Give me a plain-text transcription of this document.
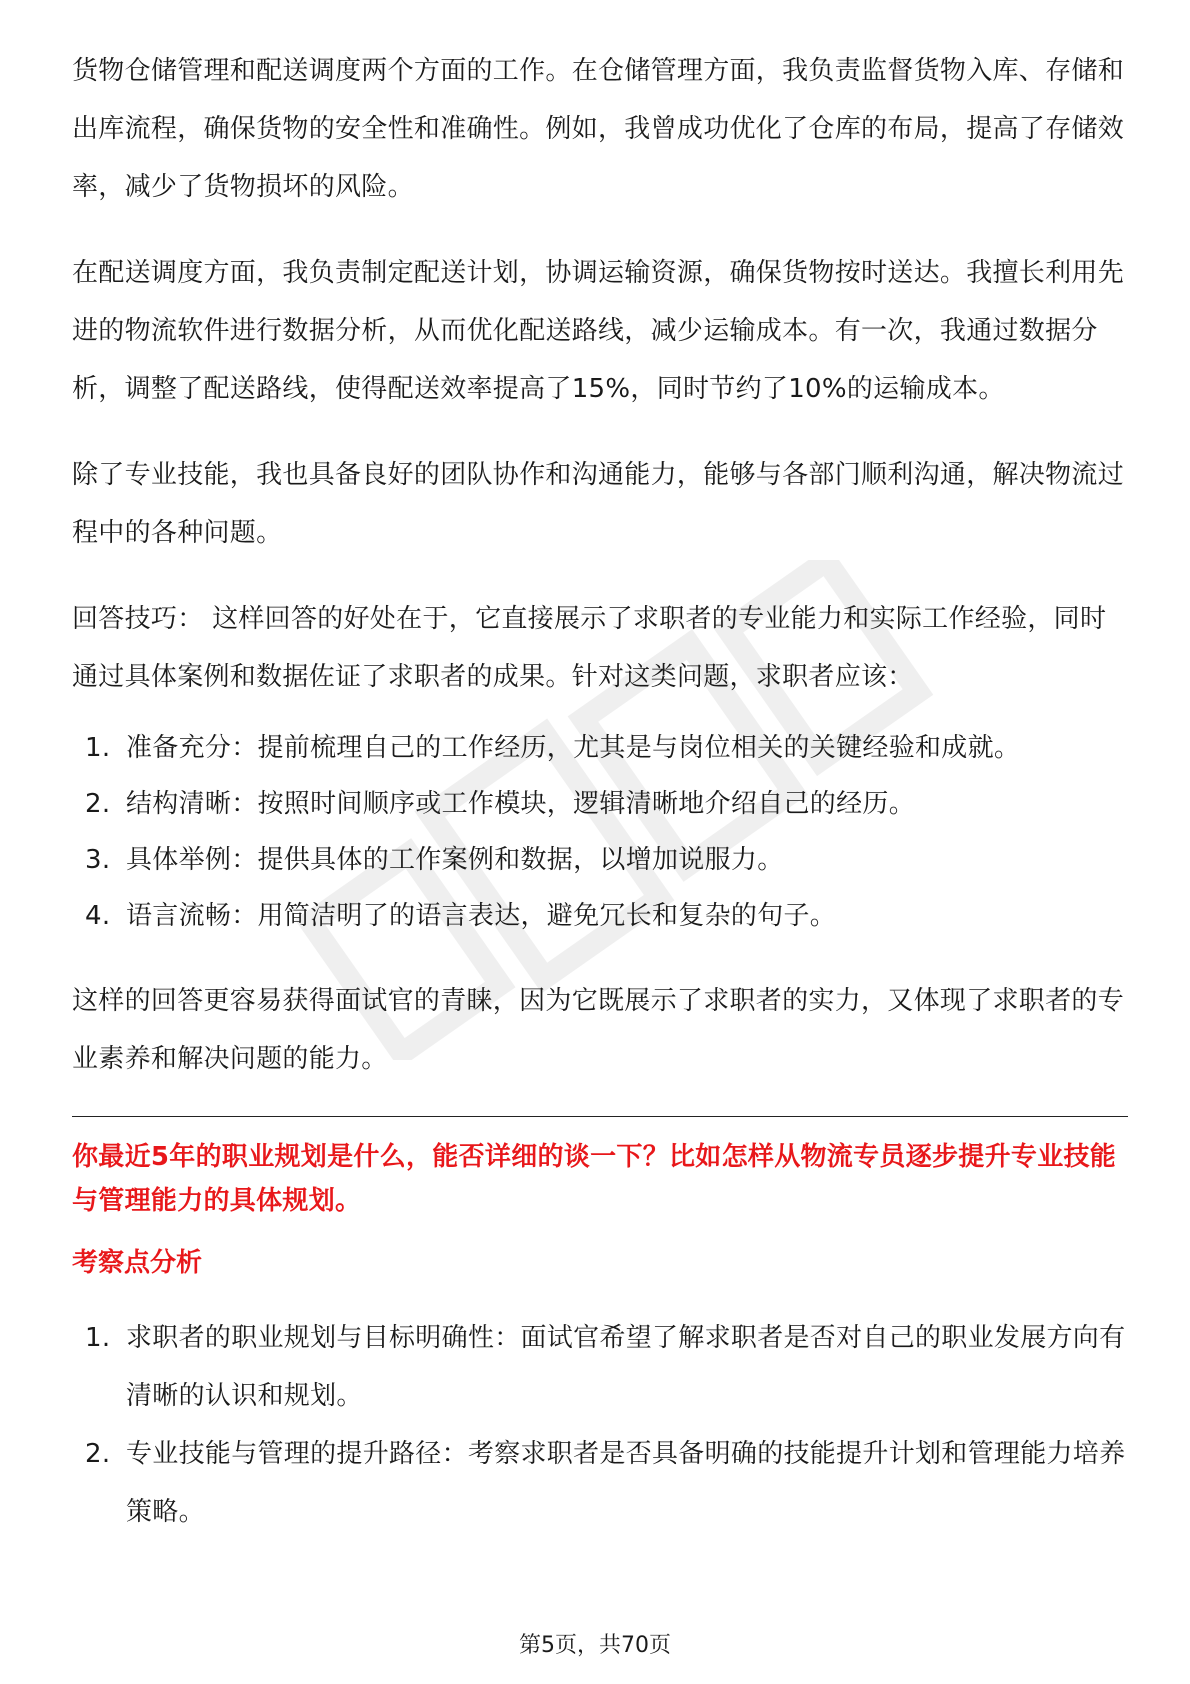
货物仓储管理和配送调度两个方面的工作。在仓储管理方面，我负责监督货物入库、存储和出库流程，确保货物的安全性和准确性。例如，我曾成功优化了仓库的布局，提高了存储效率，减少了货物损坏的风险。

在配送调度方面，我负责制定配送计划，协调运输资源，确保货物按时送达。我擅长利用先进的物流软件进行数据分析，从而优化配送路线，减少运输成本。有一次，我通过数据分析，调整了配送路线，使得配送效率提高了15%，同时节约了10%的运输成本。

除了专业技能，我也具备良好的团队协作和沟通能力，能够与各部门顺利沟通，解决物流过程中的各种问题。

回答技巧： 这样回答的好处在于，它直接展示了求职者的专业能力和实际工作经验，同时通过具体案例和数据佐证了求职者的成果。针对这类问题，求职者应该：

1. 准备充分：提前梳理自己的工作经历，尤其是与岗位相关的关键经验和成就。
2. 结构清晰：按照时间顺序或工作模块，逻辑清晰地介绍自己的经历。
3. 具体举例：提供具体的工作案例和数据，以增加说服力。
4. 语言流畅：用简洁明了的语言表达，避免冗长和复杂的句子。

这样的回答更容易获得面试官的青睐，因为它既展示了求职者的实力，又体现了求职者的专业素养和解决问题的能力。

你最近5年的职业规划是什么，能否详细的谈一下？比如怎样从物流专员逐步提升专业技能与管理能力的具体规划。

考察点分析

1. 求职者的职业规划与目标明确性：面试官希望了解求职者是否对自己的职业发展方向有清晰的认识和规划。
2. 专业技能与管理的提升路径：考察求职者是否具备明确的技能提升计划和管理能力培养策略。
第5页，共70页
